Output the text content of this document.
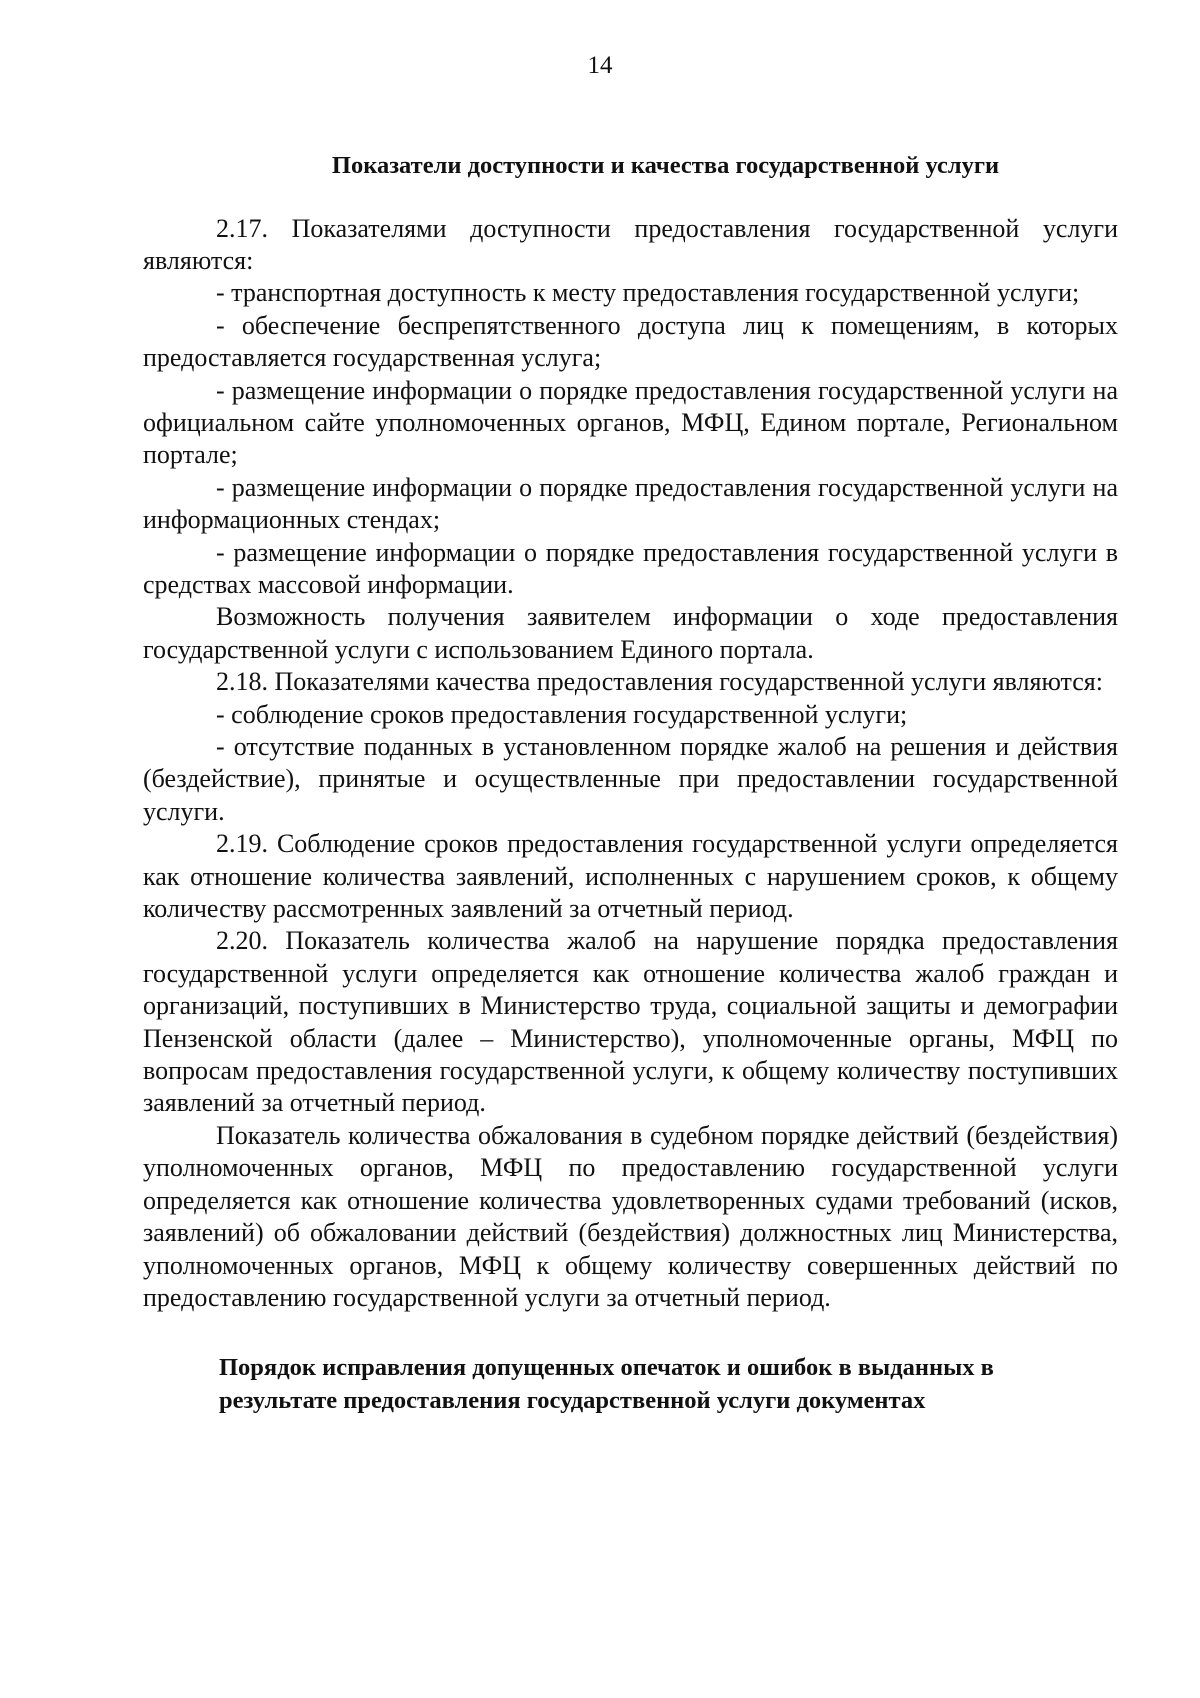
14
Показатели доступности и качества государственной услуги

2.17. Показателями доступности предоставления государственной услуги являются:

- транспортная доступность к месту предоставления государственной услуги;

- обеспечение беспрепятственного доступа лиц к помещениям, в которых предоставляется государственная услуга;

- размещение информации о порядке предоставления государственной услуги на официальном сайте уполномоченных органов, МФЦ, Едином портале, Региональном портале;

- размещение информации о порядке предоставления государственной услуги на информационных стендах;

- размещение информации о порядке предоставления государственной услуги в средствах массовой информации.

Возможность получения заявителем информации о ходе предоставления государственной услуги с использованием Единого портала.

2.18. Показателями качества предоставления государственной услуги являются:

- соблюдение сроков предоставления государственной услуги;

- отсутствие поданных в установленном порядке жалоб на решения и действия (бездействие), принятые и осуществленные при предоставлении государственной услуги.

2.19. Соблюдение сроков предоставления государственной услуги определяется как отношение количества заявлений, исполненных с нарушением сроков, к общему количеству рассмотренных заявлений за отчетный период.

2.20. Показатель количества жалоб на нарушение порядка предоставления государственной услуги определяется как отношение количества жалоб граждан и организаций, поступивших в Министерство труда, социальной защиты и демографии Пензенской области (далее – Министерство), уполномоченные органы, МФЦ по вопросам предоставления государственной услуги, к общему количеству поступивших заявлений за отчетный период.

Показатель количества обжалования в судебном порядке действий (бездействия) уполномоченных органов, МФЦ по предоставлению государственной услуги определяется как отношение количества удовлетворенных судами требований (исков, заявлений) об обжаловании действий (бездействия) должностных лиц Министерства, уполномоченных органов, МФЦ к общему количеству совершенных действий по предоставлению государственной услуги за отчетный период.

Порядок исправления допущенных опечаток и ошибок в выданных в результате предоставления государственной услуги документах
